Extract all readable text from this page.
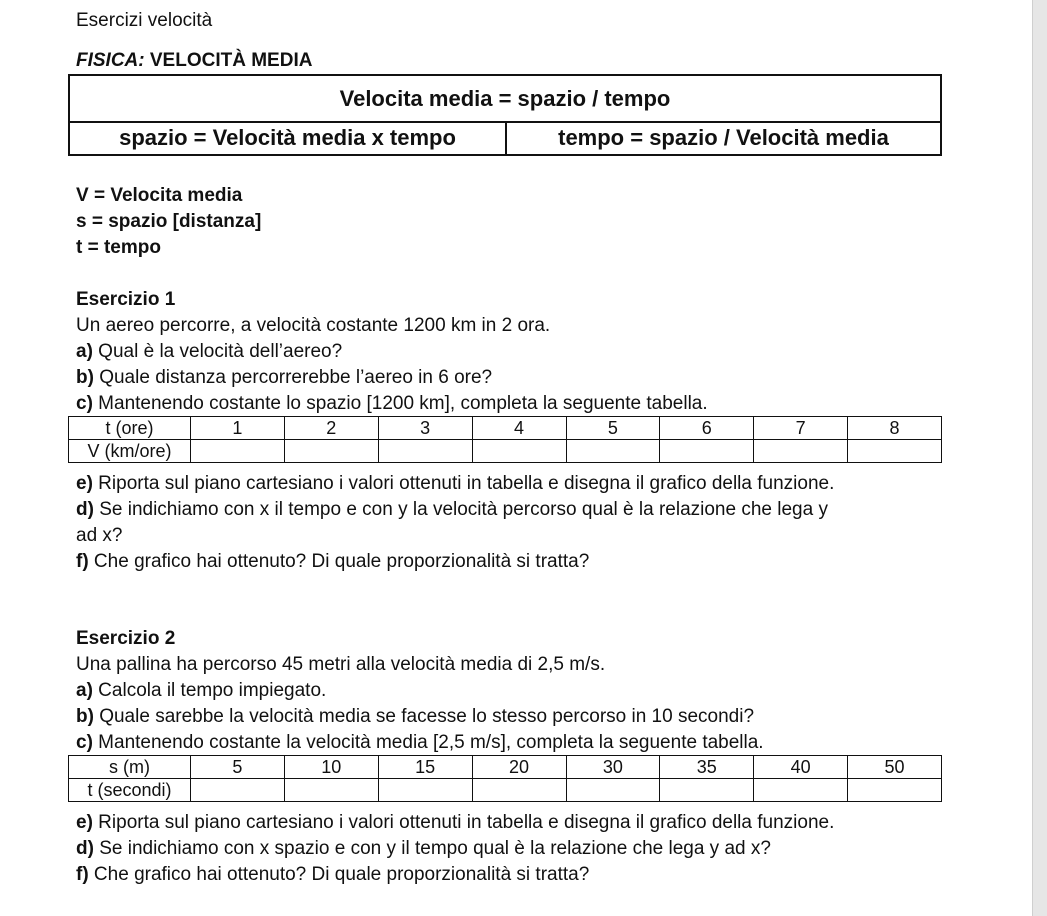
Esercizi velocità
FISICA: VELOCITÀ MEDIA
Velocita media = spazio / tempo
spazio = Velocità media x tempo	tempo = spazio / Velocità media
V = Velocita media
s = spazio [distanza]
t = tempo
Esercizio 1
Un aereo percorre, a velocità costante 1200 km in 2 ora.
a) Qual è la velocità dell’aereo?
b) Quale distanza percorrerebbe l’aereo in 6 ore?
c) Mantenendo costante lo spazio [1200 km], completa la seguente tabella.
t (ore)	1	2	3	4	5	6	7	8
V (km/ore)								
e) Riporta sul piano cartesiano i valori ottenuti in tabella e disegna il grafico della funzione.
d) Se indichiamo con x il tempo e con y la velocità percorso qual è la relazione che lega y
ad x?
f) Che grafico hai ottenuto? Di quale proporzionalità si tratta?
Esercizio 2
Una pallina ha percorso 45 metri alla velocità media di 2,5 m/s.
a) Calcola il tempo impiegato.
b) Quale sarebbe la velocità media se facesse lo stesso percorso in 10 secondi?
c) Mantenendo costante la velocità media [2,5 m/s], completa la seguente tabella.
s (m)	5	10	15	20	30	35	40	50
t (secondi)								
e) Riporta sul piano cartesiano i valori ottenuti in tabella e disegna il grafico della funzione.
d) Se indichiamo con x spazio e con y il tempo qual è la relazione che lega y ad x?
f) Che grafico hai ottenuto? Di quale proporzionalità si tratta?
